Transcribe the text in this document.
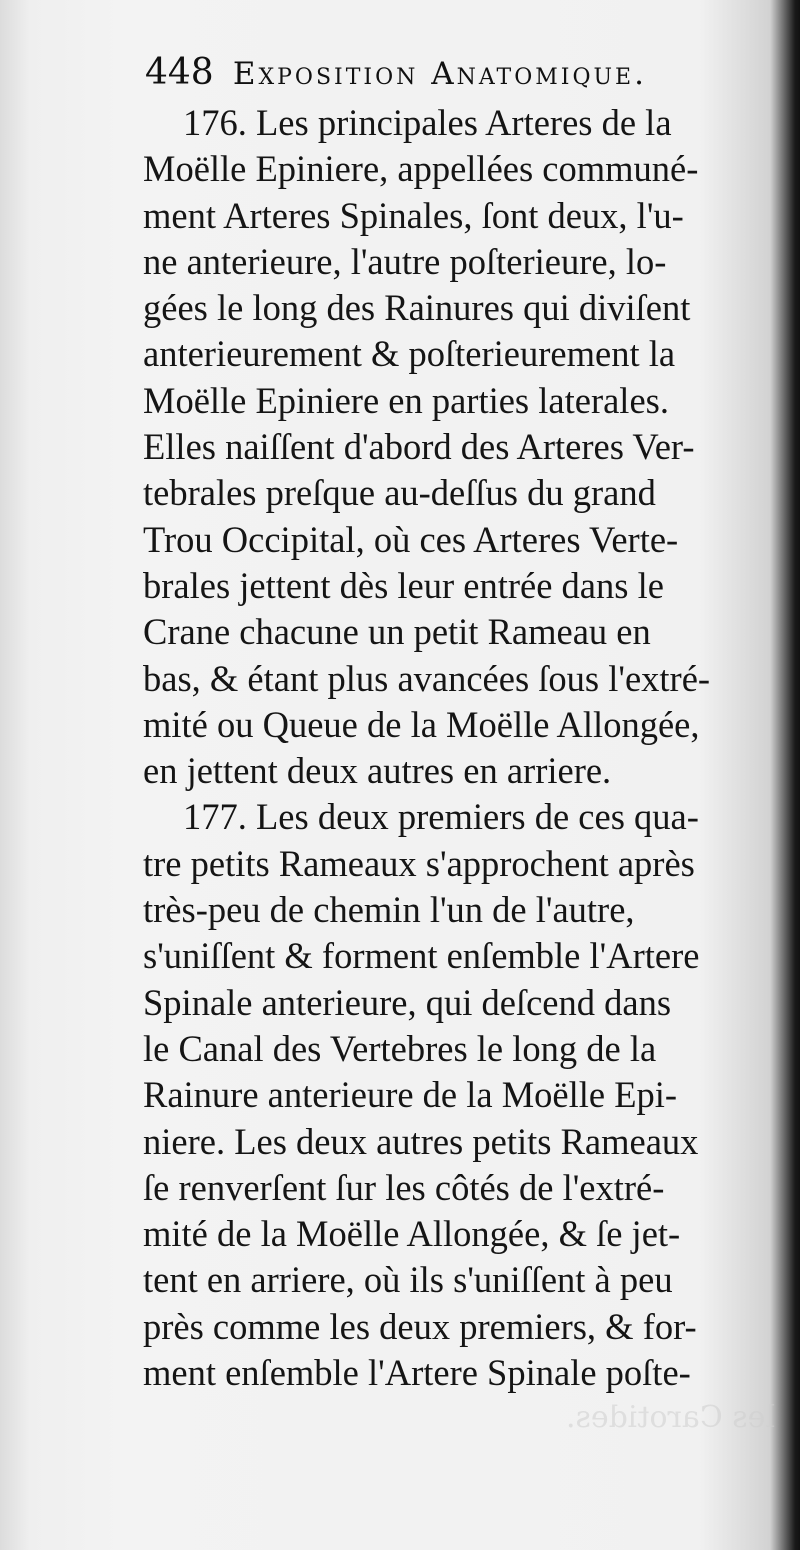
les Carotides.
448 Exposition Anatomique.
176. Les principales Arteres de la
Moëlle Epiniere, appellées communé-
ment Arteres Spinales, ſont deux, l'u-
ne anterieure, l'autre poſterieure, lo-
gées le long des Rainures qui diviſent
anterieurement & poſterieurement la
Moëlle Epiniere en parties laterales.
Elles naiſſent d'abord des Arteres Ver-
tebrales preſque au-deſſus du grand
Trou Occipital, où ces Arteres Verte-
brales jettent dès leur entrée dans le
Crane chacune un petit Rameau en
bas, & étant plus avancées ſous l'extré-
mité ou Queue de la Moëlle Allongée,
en jettent deux autres en arriere.
177. Les deux premiers de ces qua-
tre petits Rameaux s'approchent après
très-peu de chemin l'un de l'autre,
s'uniſſent & forment enſemble l'Artere
Spinale anterieure, qui deſcend dans
le Canal des Vertebres le long de la
Rainure anterieure de la Moëlle Epi-
niere. Les deux autres petits Rameaux
ſe renverſent ſur les côtés de l'extré-
mité de la Moëlle Allongée, & ſe jet-
tent en arriere, où ils s'uniſſent à peu
près comme les deux premiers, & for-
ment enſemble l'Artere Spinale poſte-
